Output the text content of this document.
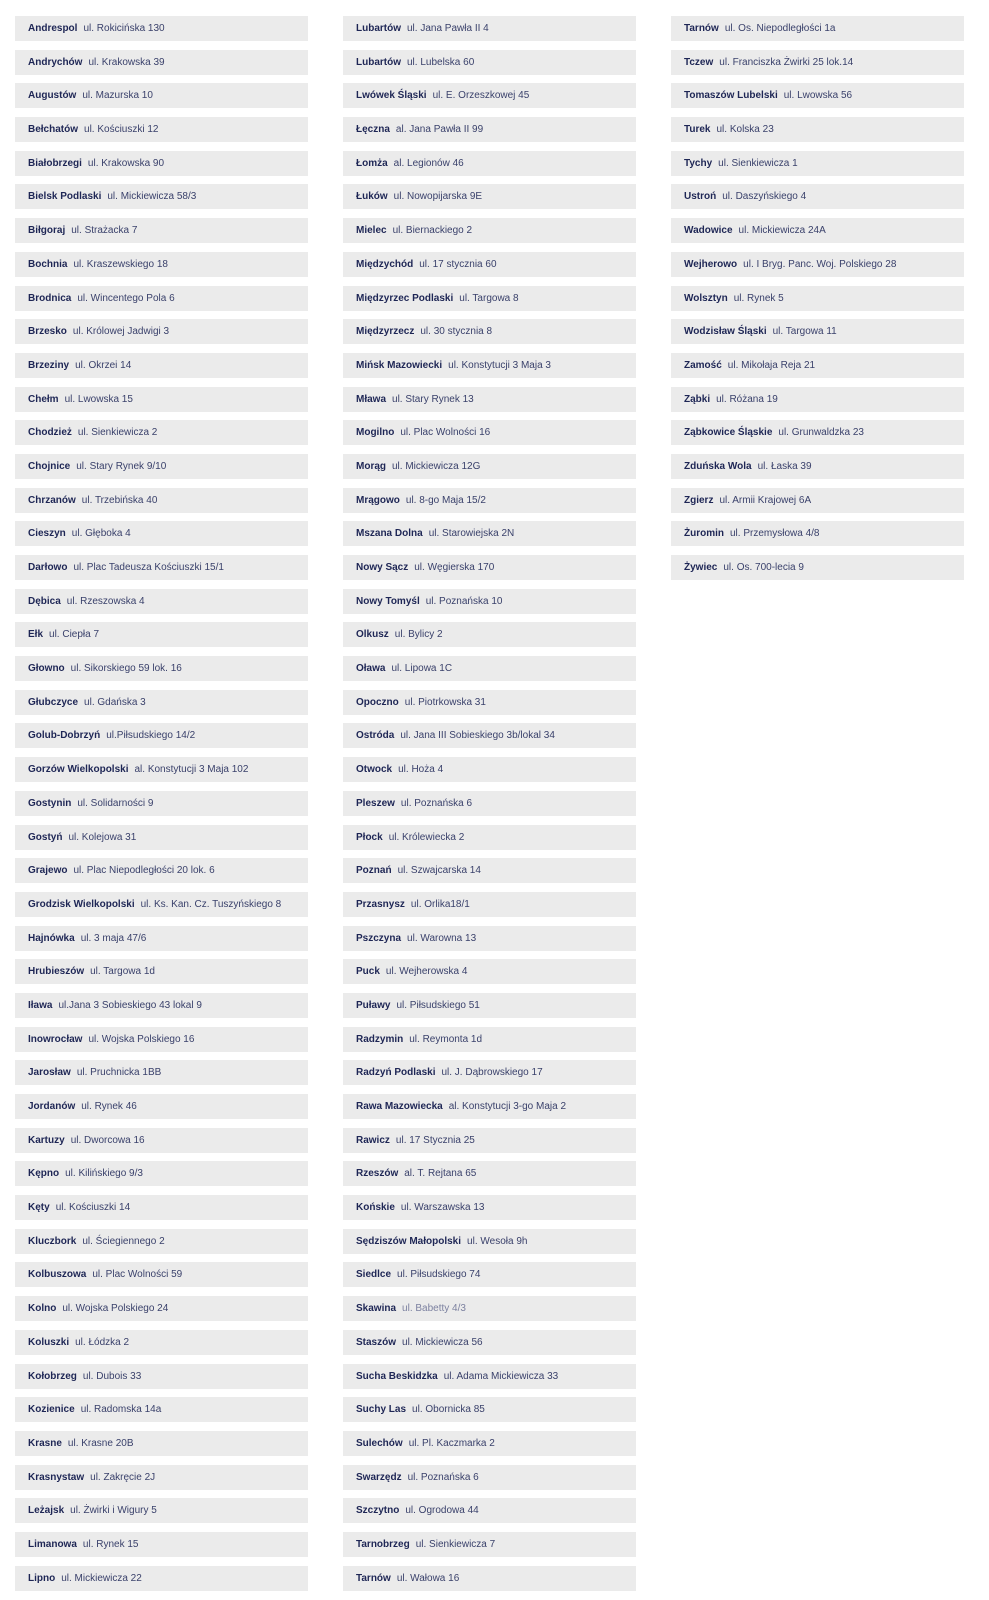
Andrespol ul. Rokicińska 130
Andrychów ul. Krakowska 39
Augustów ul. Mazurska 10
Bełchatów ul. Kościuszki 12
Białobrzegi ul. Krakowska 90
Bielsk Podlaski ul. Mickiewicza 58/3
Biłgoraj ul. Strażacka 7
Bochnia ul. Kraszewskiego 18
Brodnica ul. Wincentego Pola 6
Brzesko ul. Królowej Jadwigi 3
Brzeziny ul. Okrzei 14
Chełm ul. Lwowska 15
Chodzież ul. Sienkiewicza 2
Chojnice ul. Stary Rynek 9/10
Chrzanów ul. Trzebińska 40
Cieszyn ul. Głęboka 4
Darłowo ul. Plac Tadeusza Kościuszki 15/1
Dębica ul. Rzeszowska 4
Ełk ul. Ciepła 7
Głowno ul. Sikorskiego 59 lok. 16
Głubczyce ul. Gdańska 3
Golub-Dobrzyń ul.Piłsudskiego 14/2
Gorzów Wielkopolski al. Konstytucji 3 Maja 102
Gostynin ul. Solidarności 9
Gostyń ul. Kolejowa 31
Grajewo ul. Plac Niepodległości 20 lok. 6
Grodzisk Wielkopolski ul. Ks. Kan. Cz. Tuszyńskiego 8
Hajnówka ul. 3 maja 47/6
Hrubieszów ul. Targowa 1d
Iława ul.Jana 3 Sobieskiego 43 lokal 9
Inowrocław ul. Wojska Polskiego 16
Jarosław ul. Pruchnicka 1BB
Jordanów ul. Rynek 46
Kartuzy ul. Dworcowa 16
Kępno ul. Kilińskiego 9/3
Kęty ul. Kościuszki 14
Kluczbork ul. Ściegiennego 2
Kolbuszowa ul. Plac Wolności 59
Kolno ul. Wojska Polskiego 24
Koluszki ul. Łódzka 2
Kołobrzeg ul. Dubois 33
Kozienice ul. Radomska 14a
Krasne ul. Krasne 20B
Krasnystaw ul. Zakręcie 2J
Leżajsk ul. Żwirki i Wigury 5
Limanowa ul. Rynek 15
Lipno ul. Mickiewicza 22
Lubartów ul. Jana Pawła II 4
Lubartów ul. Lubelska 60
Lwówek Śląski ul. E. Orzeszkowej 45
Łęczna al. Jana Pawła II 99
Łomża al. Legionów 46
Łuków ul. Nowopijarska 9E
Mielec ul. Biernackiego 2
Międzychód ul. 17 stycznia 60
Międzyrzec Podlaski ul. Targowa 8
Międzyrzecz ul. 30 stycznia 8
Mińsk Mazowiecki ul. Konstytucji 3 Maja 3
Mława ul. Stary Rynek 13
Mogilno ul. Plac Wolności 16
Morąg ul. Mickiewicza 12G
Mrągowo ul. 8-go Maja 15/2
Mszana Dolna ul. Starowiejska 2N
Nowy Sącz ul. Węgierska 170
Nowy Tomyśl ul. Poznańska 10
Olkusz ul. Bylicy 2
Oława ul. Lipowa 1C
Opoczno ul. Piotrkowska 31
Ostróda ul. Jana III Sobieskiego 3b/lokal 34
Otwock ul. Hoża 4
Pleszew ul. Poznańska 6
Płock ul. Królewiecka 2
Poznań ul. Szwajcarska 14
Przasnysz ul. Orlika18/1
Pszczyna ul. Warowna 13
Puck ul. Wejherowska 4
Puławy ul. Piłsudskiego 51
Radzymin ul. Reymonta 1d
Radzyń Podlaski ul. J. Dąbrowskiego 17
Rawa Mazowiecka al. Konstytucji 3-go Maja 2
Rawicz ul. 17 Stycznia 25
Rzeszów al. T. Rejtana 65
Końskie ul. Warszawska 13
Sędziszów Małopolski ul. Wesoła 9h
Siedlce ul. Piłsudskiego 74
Skawina ul. Babetty 4/3
Staszów ul. Mickiewicza 56
Sucha Beskidzka ul. Adama Mickiewicza 33
Suchy Las ul. Obornicka 85
Sulechów ul. Pl. Kaczmarka 2
Swarzędz ul. Poznańska 6
Szczytno ul. Ogrodowa 44
Tarnobrzeg ul. Sienkiewicza 7
Tarnów ul. Wałowa 16
Tarnów ul. Os. Niepodległości 1a
Tczew ul. Franciszka Żwirki 25 lok.14
Tomaszów Lubelski ul. Lwowska 56
Turek ul. Kolska 23
Tychy ul. Sienkiewicza 1
Ustroń ul. Daszyńskiego 4
Wadowice ul. Mickiewicza 24A
Wejherowo ul. I Bryg. Panc. Woj. Polskiego 28
Wolsztyn ul. Rynek 5
Wodzisław Śląski ul. Targowa 11
Zamość ul. Mikołaja Reja 21
Ząbki ul. Różana 19
Ząbkowice Śląskie ul. Grunwaldzka 23
Zduńska Wola ul. Łaska 39
Zgierz ul. Armii Krajowej 6A
Żuromin ul. Przemysłowa 4/8
Żywiec ul. Os. 700-lecia 9
